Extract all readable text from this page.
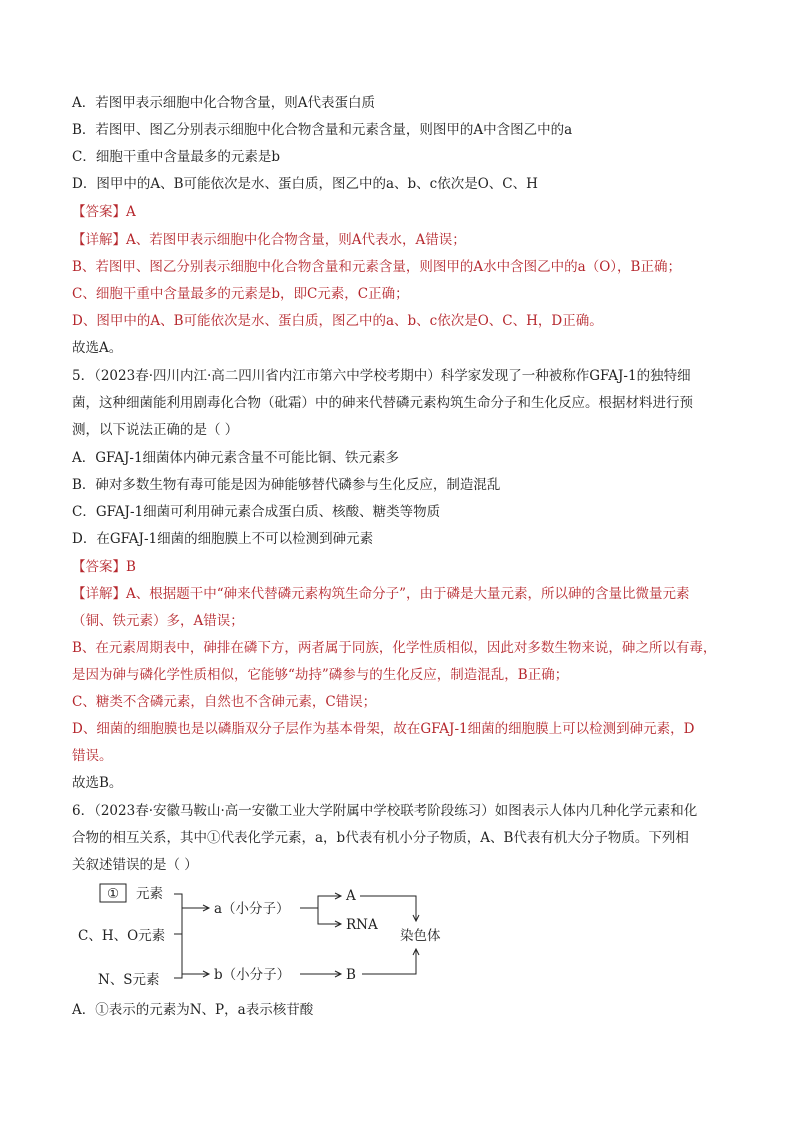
A．若图甲表示细胞中化合物含量，则A代表蛋白质
B．若图甲、图乙分别表示细胞中化合物含量和元素含量，则图甲的A中含图乙中的a
C．细胞干重中含量最多的元素是b
D．图甲中的A、B可能依次是水、蛋白质，图乙中的a、b、c依次是O、C、H
【答案】A
【详解】A、若图甲表示细胞中化合物含量，则A代表水，A错误；
B、若图甲、图乙分别表示细胞中化合物含量和元素含量，则图甲的A水中含图乙中的a（O），B正确；
C、细胞干重中含量最多的元素是b，即C元素，C正确；
D、图甲中的A、B可能依次是水、蛋白质，图乙中的a、b、c依次是O、C、H，D正确。
故选A。
5．（2023春·四川内江·高二四川省内江市第六中学校考期中）科学家发现了一种被称作GFAJ-1的独特细
菌，这种细菌能利用剧毒化合物（砒霜）中的砷来代替磷元素构筑生命分子和生化反应。根据材料进行预
测，以下说法正确的是（ ）
A．GFAJ-1细菌体内砷元素含量不可能比铜、铁元素多
B．砷对多数生物有毒可能是因为砷能够替代磷参与生化反应，制造混乱
C．GFAJ-1细菌可利用砷元素合成蛋白质、核酸、糖类等物质
D．在GFAJ-1细菌的细胞膜上不可以检测到砷元素
【答案】B
【详解】A、根据题干中“砷来代替磷元素构筑生命分子”，由于磷是大量元素，所以砷的含量比微量元素
（铜、铁元素）多，A错误；
B、在元素周期表中，砷排在磷下方，两者属于同族，化学性质相似，因此对多数生物来说，砷之所以有毒，
是因为砷与磷化学性质相似，它能够“劫持”磷参与的生化反应，制造混乱，B正确；
C、糖类不含磷元素，自然也不含砷元素，C错误；
D、细菌的细胞膜也是以磷脂双分子层作为基本骨架，故在GFAJ-1细菌的细胞膜上可以检测到砷元素，D
错误。
故选B。
6．（2023春·安徽马鞍山·高一安徽工业大学附属中学校联考阶段练习）如图表示人体内几种化学元素和化
合物的相互关系，其中①代表化学元素，a，b代表有机小分子物质，A、B代表有机大分子物质。下列相
关叙述错误的是（ ）
① 元素
C、H、O元素
N、S元素
a（小分子）
b（小分子）
A
RNA
B
染色体
A．①表示的元素为N、P，a表示核苷酸
